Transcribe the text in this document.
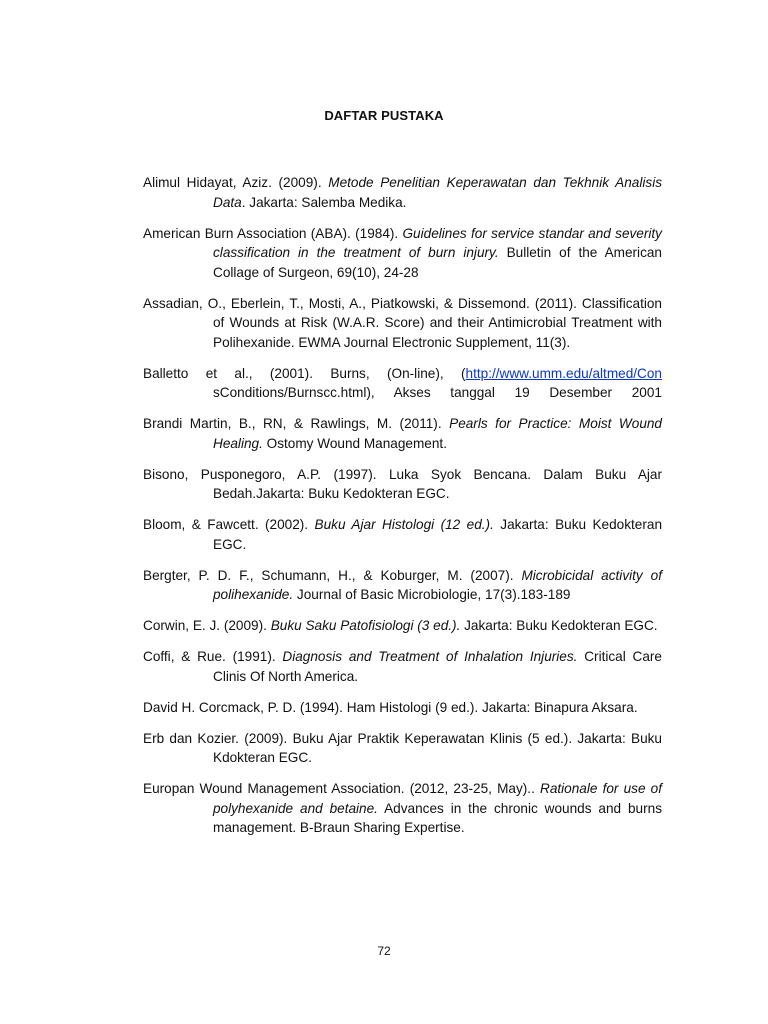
DAFTAR PUSTAKA

Alimul Hidayat, Aziz. (2009). Metode Penelitian Keperawatan dan Tekhnik Analisis Data. Jakarta: Salemba Medika.

American Burn Association (ABA). (1984). Guidelines for service standar and severity classification in the treatment of burn injury. Bulletin of the American Collage of Surgeon, 69(10), 24-28

Assadian, O., Eberlein, T., Mosti, A., Piatkowski, & Dissemond. (2011). Classification of Wounds at Risk (W.A.R. Score) and their Antimicrobial Treatment with Polihexanide. EWMA Journal Electronic Supplement, 11(3).

Balletto et al., (2001). Burns, (On-line), (http://www.umm.edu/altmed/Con
sConditions/Burnscc.html), Akses tanggal 19 Desember 2001

Brandi Martin, B., RN, & Rawlings, M. (2011). Pearls for Practice: Moist Wound Healing. Ostomy Wound Management.

Bisono, Pusponegoro, A.P. (1997). Luka Syok Bencana. Dalam Buku Ajar Bedah.Jakarta: Buku Kedokteran EGC.

Bloom, & Fawcett. (2002). Buku Ajar Histologi (12 ed.). Jakarta: Buku Kedokteran EGC.

Bergter, P. D. F., Schumann, H., & Koburger, M. (2007). Microbicidal activity of polihexanide. Journal of Basic Microbiologie, 17(3).183-189

Corwin, E. J. (2009). Buku Saku Patofisiologi (3 ed.). Jakarta: Buku Kedokteran EGC.

Coffi, & Rue. (1991). Diagnosis and Treatment of Inhalation Injuries. Critical Care Clinis Of North America.

David H. Corcmack, P. D. (1994). Ham Histologi (9 ed.). Jakarta: Binapura Aksara.

Erb dan Kozier. (2009). Buku Ajar Praktik Keperawatan Klinis (5 ed.). Jakarta: Buku Kdokteran EGC.

Europan Wound Management Association. (2012, 23-25, May).. Rationale for use of polyhexanide and betaine. Advances in the chronic wounds and burns management. B-Braun Sharing Expertise.

72
